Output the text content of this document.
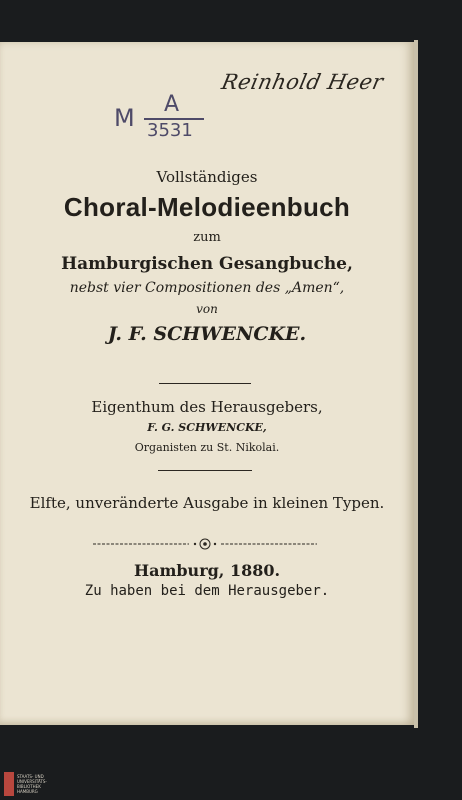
Reinhold Heer
M A
3531
Vollständiges
Choral-Melodieenbuch
zum
Hamburgischen Gesangbuche,
nebst vier Compositionen des „Amen“,
von
J. F. SCHWENCKE.
Eigenthum des Herausgebers,
F. G. SCHWENCKE,
Organisten zu St. Nikolai.
Elfte, unveränderte Ausgabe in kleinen Typen.
Hamburg, 1880.
Zu haben bei dem Herausgeber.
STAATS- UND UNIVERSITÄTS- BIBLIOTHEK HAMBURG
